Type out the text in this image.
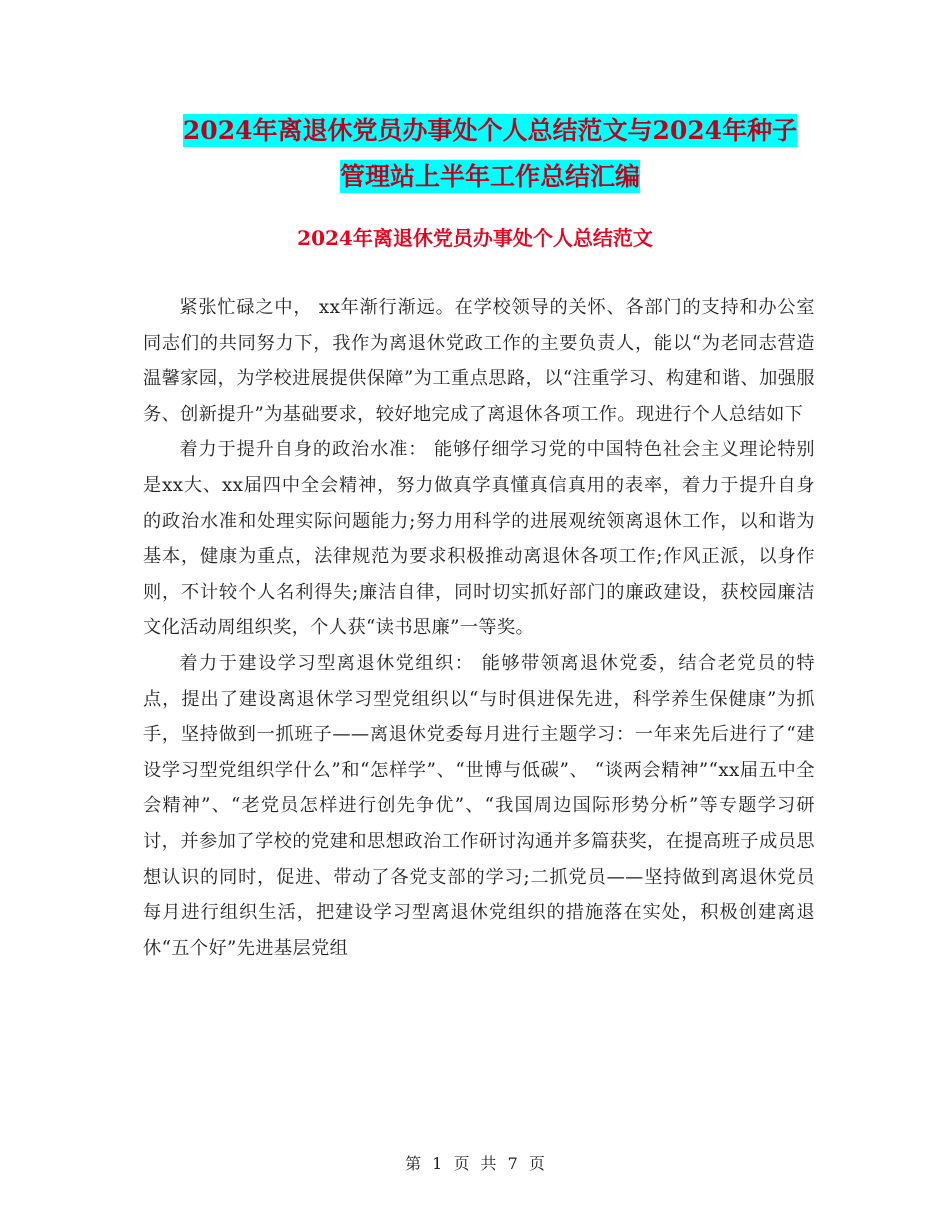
2024年离退休党员办事处个人总结范文与2024年种子
管理站上半年工作总结汇编
2024年离退休党员办事处个人总结范文

紧张忙碌之中， xx年渐行渐远。在学校领导的关怀、各部门的支持和办公室同志们的共同努力下，我作为离退休党政工作的主要负责人，能以“为老同志营造温馨家园，为学校进展提供保障”为工重点思路，以“注重学习、构建和谐、加强服务、创新提升”为基础要求，较好地完成了离退休各项工作。现进行个人总结如下

着力于提升自身的政治水准： 能够仔细学习党的中国特色社会主义理论特别是xx大、xx届四中全会精神，努力做真学真懂真信真用的表率，着力于提升自身的政治水准和处理实际问题能力;努力用科学的进展观统领离退休工作，以和谐为基本，健康为重点，法律规范为要求积极推动离退休各项工作;作风正派，以身作则，不计较个人名利得失;廉洁自律，同时切实抓好部门的廉政建设，获校园廉洁文化活动周组织奖，个人获“读书思廉”一等奖。

着力于建设学习型离退休党组织： 能够带领离退休党委，结合老党员的特点，提出了建设离退休学习型党组织以“与时俱进保先进，科学养生保健康”为抓手，坚持做到一抓班子——离退休党委每月进行主题学习：一年来先后进行了“建设学习型党组织学什么”和“怎样学”、“世博与低碳”、 “谈两会精神”“xx届五中全会精神”、“老党员怎样进行创先争优”、“我国周边国际形势分析”等专题学习研讨，并参加了学校的党建和思想政治工作研讨沟通并多篇获奖，在提高班子成员思想认识的同时，促进、带动了各党支部的学习;二抓党员——坚持做到离退休党员每月进行组织生活，把建设学习型离退休党组织的措施落在实处，积极创建离退休“五个好”先进基层党组

第 1 页 共 7 页
